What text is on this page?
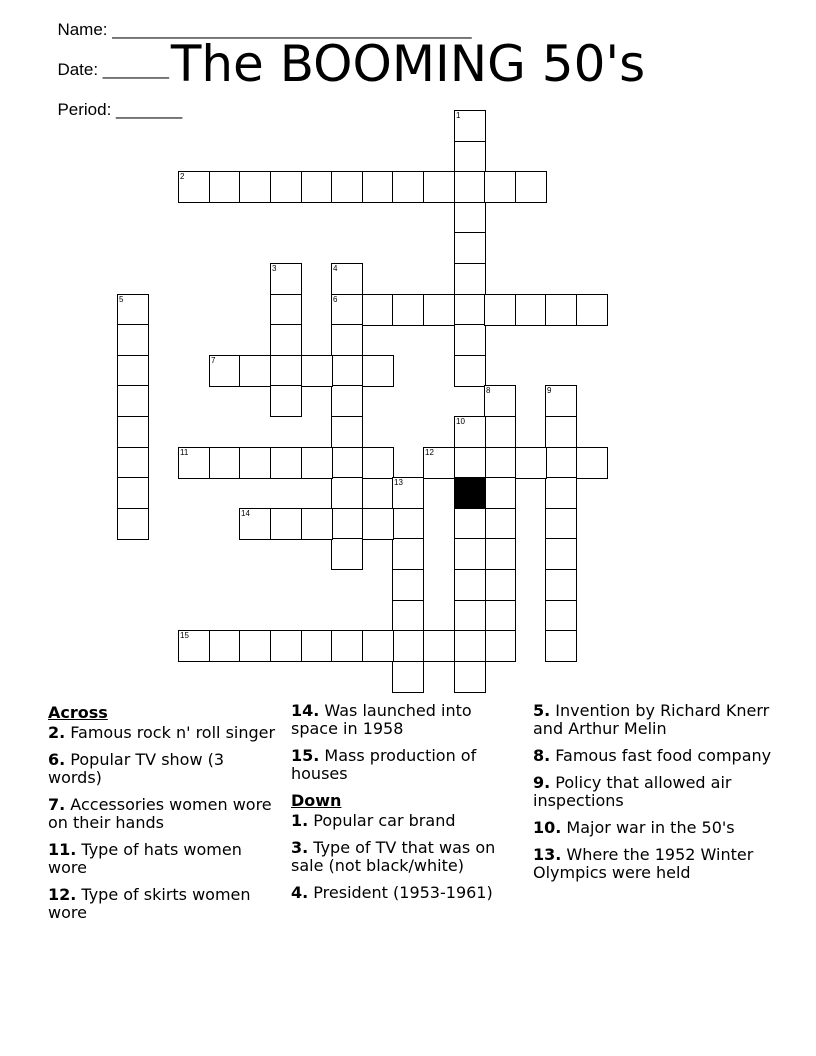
Name: ______________________________________

Date: _______

Period: _______

The BOOMING 50's
1
2
3	4
6
5
7
8	9
10
11	12
13
14
15
Across
2. Famous rock n' roll singer
6. Popular TV show (3 words)
7. Accessories women wore on their hands
11. Type of hats women wore
12. Type of skirts women wore
14. Was launched into space in 1958
15. Mass production of houses
Down
1. Popular car brand
3. Type of TV that was on sale (not black/white)
4. President (1953-1961)
5. Invention by Richard Knerr and Arthur Melin
8. Famous fast food company
9. Policy that allowed air inspections
10. Major war in the 50's
13. Where the 1952 Winter Olympics were held
